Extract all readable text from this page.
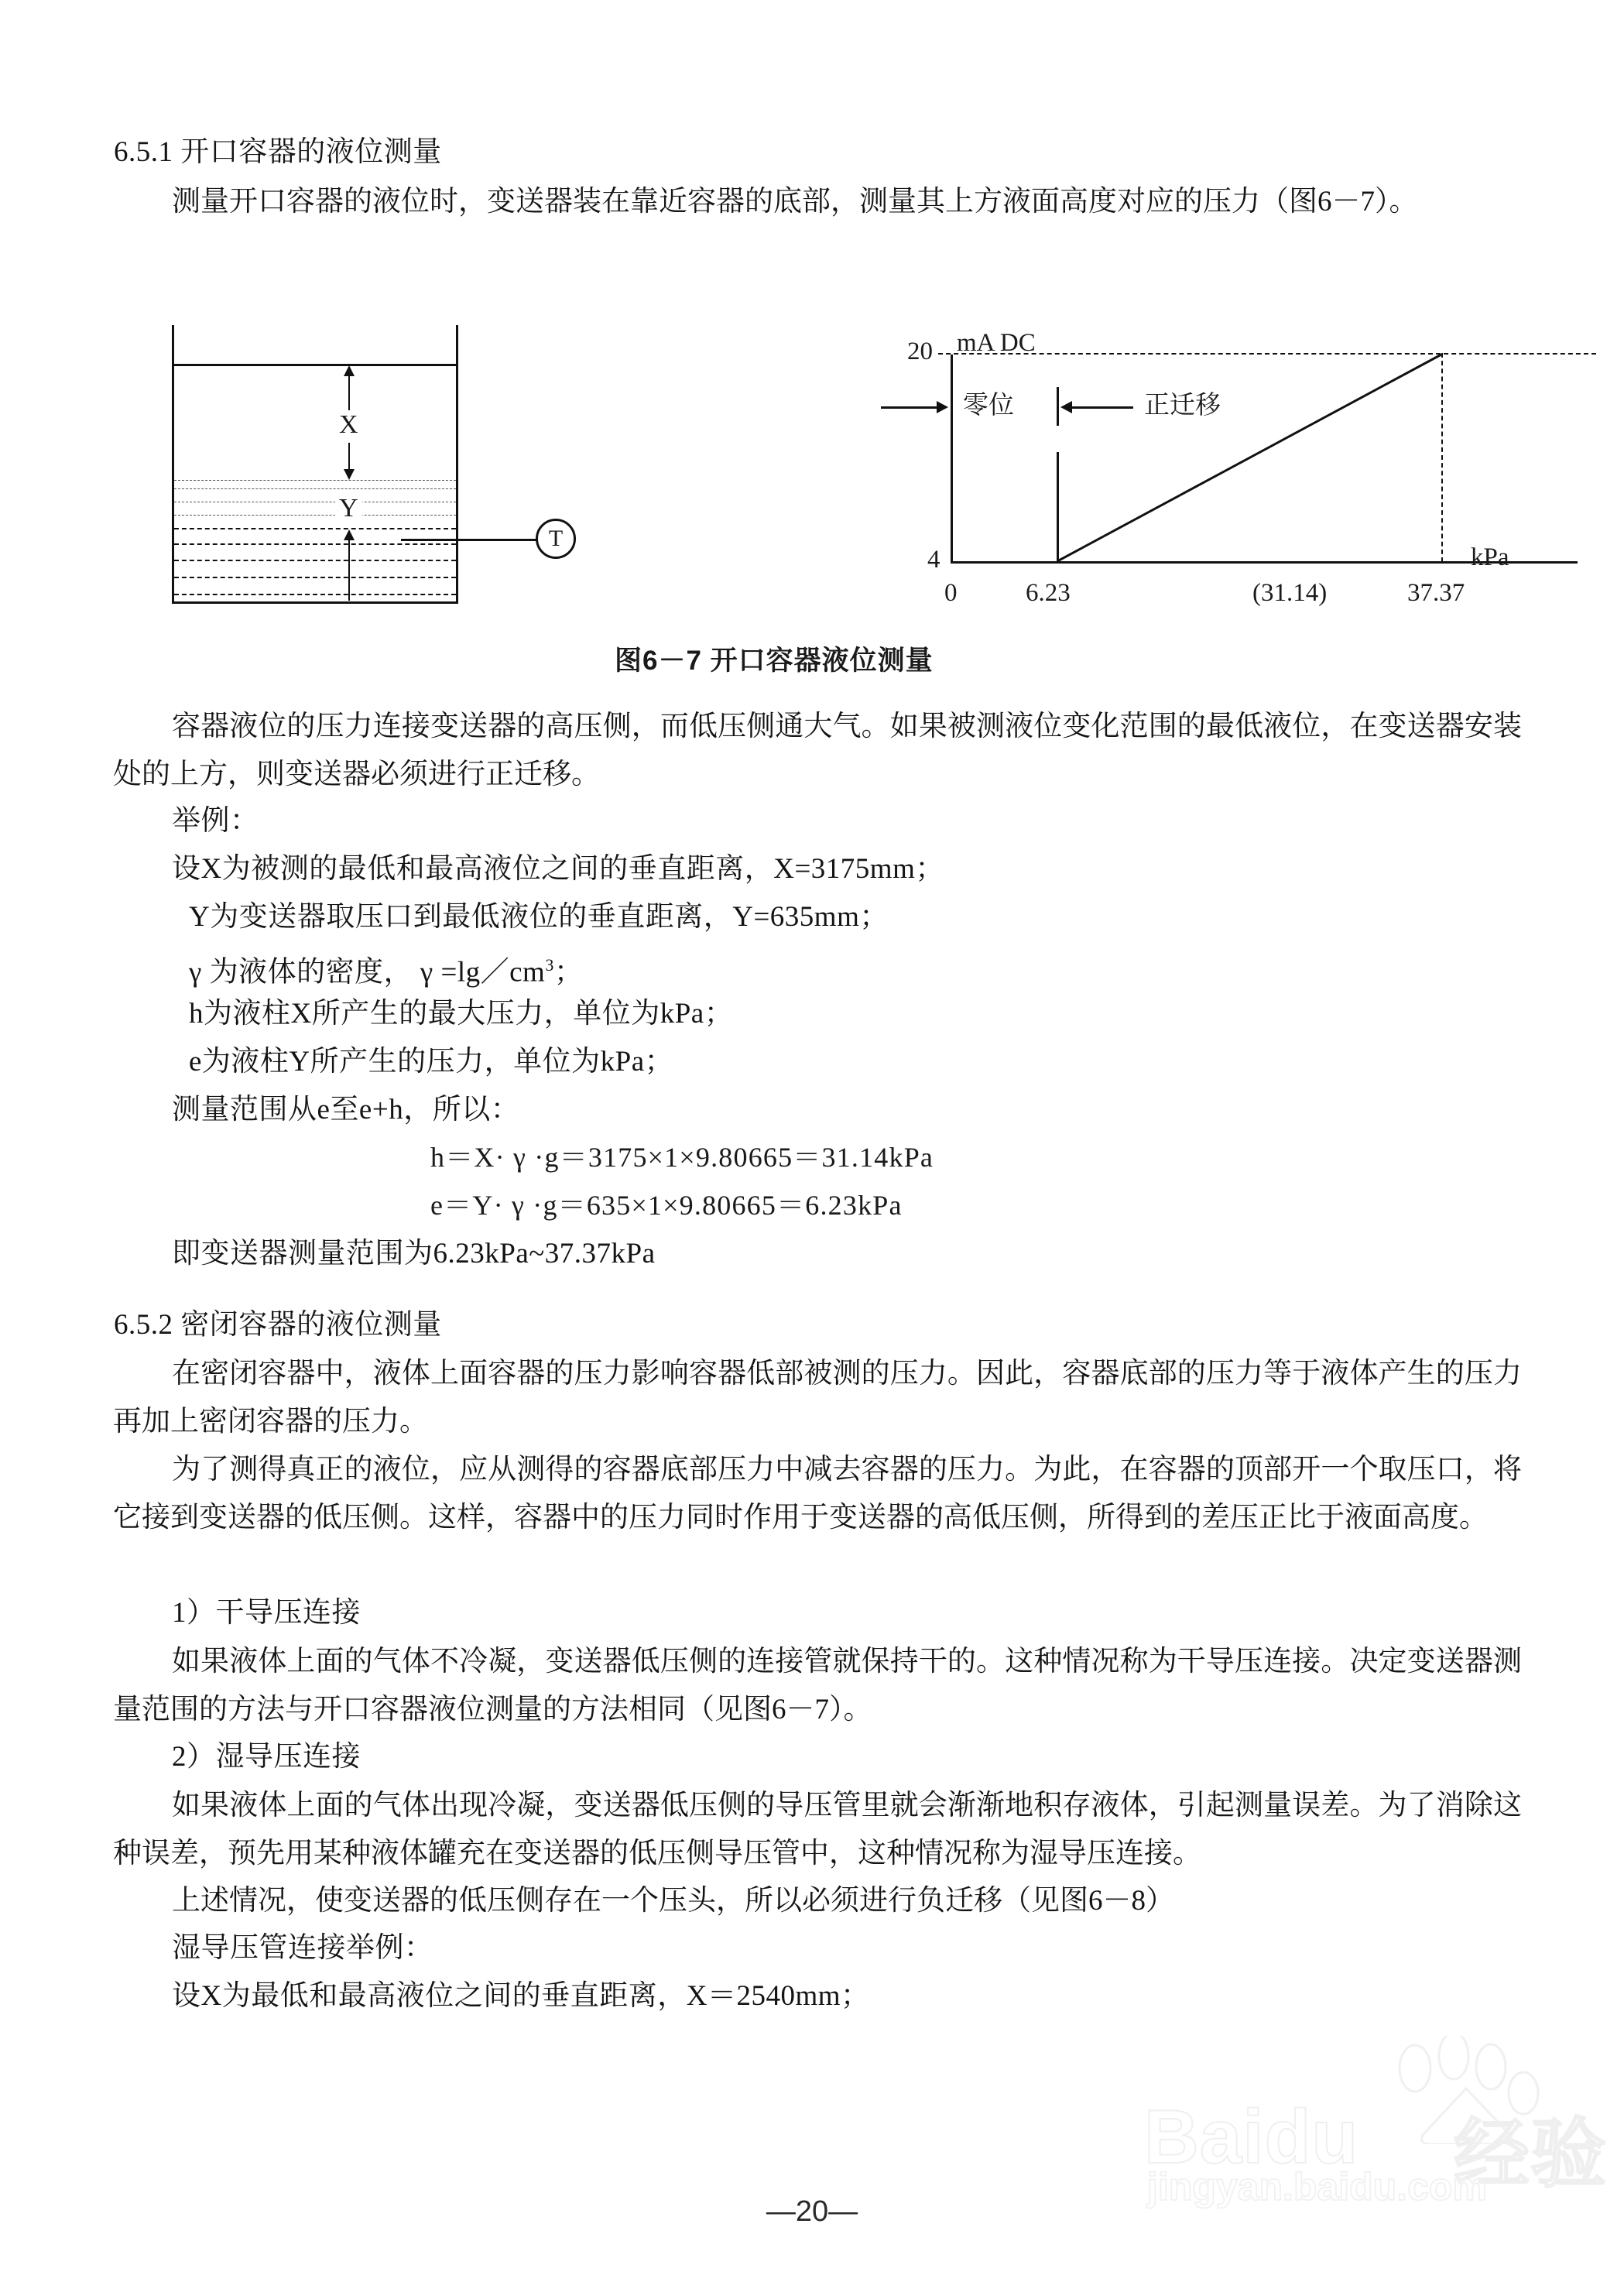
6.5.1 开口容器的液位测量
测量开口容器的液位时，变送器装在靠近容器的底部，测量其上方液面高度对应的压力（图6－7）。
X
Y
T
mA DC
20
4
零位	正迁移
kPa
0	6.23	(31.14)	37.37
图6－7 开口容器液位测量
容器液位的压力连接变送器的高压侧，而低压侧通大气。如果被测液位变化范围的最低液位，在变送器安装处的上方，则变送器必须进行正迁移。
举例：
设X为被测的最低和最高液位之间的垂直距离，X=3175mm；
Y为变送器取压口到最低液位的垂直距离，Y=635mm；
γ 为液体的密度， $\gamma =\lg/cm^3$；
h为液柱X所产生的最大压力，单位为kPa；
e为液柱Y所产生的压力，单位为kPa；
测量范围从e至e+h，所以：
h＝X· γ ·g＝3175×1×9.80665＝31.14kPa
e＝Y· γ ·g＝635×1×9.80665＝6.23kPa
即变送器测量范围为6.23kPa~37.37kPa
6.5.2 密闭容器的液位测量
在密闭容器中，液体上面容器的压力影响容器低部被测的压力。因此，容器底部的压力等于液体产生的压力再加上密闭容器的压力。
为了测得真正的液位，应从测得的容器底部压力中减去容器的压力。为此，在容器的顶部开一个取压口，将它接到变送器的低压侧。这样，容器中的压力同时作用于变送器的高低压侧，所得到的差压正比于液面高度。
1）干导压连接
如果液体上面的气体不冷凝，变送器低压侧的连接管就保持干的。这种情况称为干导压连接。决定变送器测量范围的方法与开口容器液位测量的方法相同（见图6－7）。
2）湿导压连接
如果液体上面的气体出现冷凝，变送器低压侧的导压管里就会渐渐地积存液体，引起测量误差。为了消除这种误差，预先用某种液体罐充在变送器的低压侧导压管中，这种情况称为湿导压连接。
上述情况，使变送器的低压侧存在一个压头，所以必须进行负迁移（见图6－8）
湿导压管连接举例：
设X为最低和最高液位之间的垂直距离，X＝2540mm；
Baidu 经验
jingyan.baidu.com
—20—
